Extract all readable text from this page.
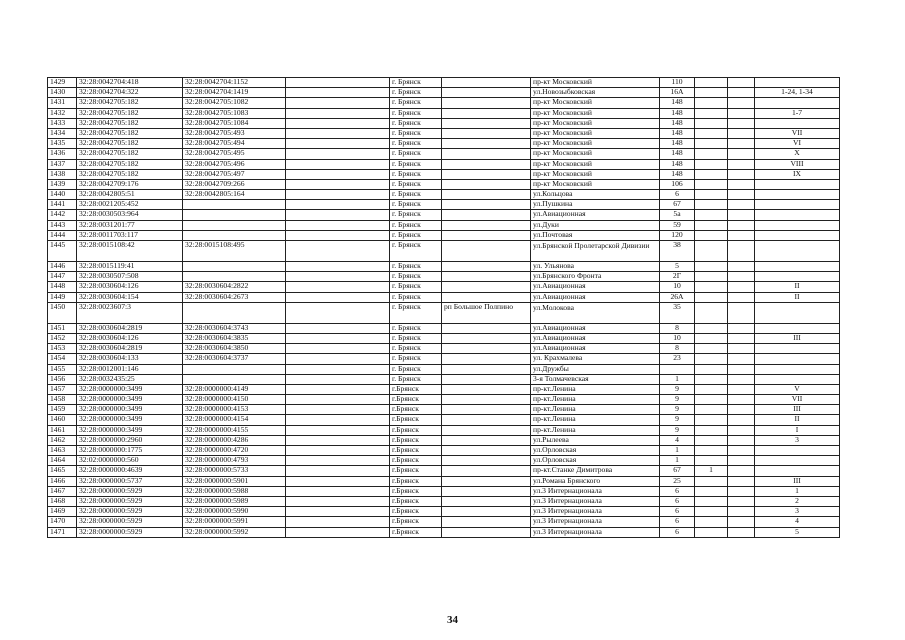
1429	32:28:0042704:418	32:28:0042704:1152		г. Брянск		пр-кт Московский	110			
1430	32:28:0042704:322	32:28:0042704:1419		г. Брянск		ул.Новозыбковская	16А			1-24, 1-34
1431	32:28:0042705:182	32:28:0042705:1082		г. Брянск		пр-кт Московский	148			
1432	32:28:0042705:182	32:28:0042705:1083		г. Брянск		пр-кт Московский	148			1-7
1433	32:28:0042705:182	32:28:0042705:1084		г. Брянск		пр-кт Московский	148			
1434	32:28:0042705:182	32:28:0042705:493		г. Брянск		пр-кт Московский	148			VII
1435	32:28:0042705:182	32:28:0042705:494		г. Брянск		пр-кт Московский	148			VI
1436	32:28:0042705:182	32:28:0042705:495		г. Брянск		пр-кт Московский	148			X
1437	32:28:0042705:182	32:28:0042705:496		г. Брянск		пр-кт Московский	148			VIII
1438	32:28:0042705:182	32:28:0042705:497		г. Брянск		пр-кт Московский	148			IX
1439	32:28:0042709:176	32:28:0042709:266		г. Брянск		пр-кт Московский	106			
1440	32:28:0042805:51	32:28:0042805:164		г. Брянск		ул.Кольцова	6			
1441	32:28:0021205:452			г. Брянск		ул.Пушкина	67			
1442	32:28:0030503:964			г. Брянск		ул.Авиационная	5а			
1443	32:28:0031201:77			г. Брянск		ул.Дуки	59			
1444	32:28:0011703:117			г. Брянск		ул.Почтовая	120			
1445	32:28:0015108:42	32:28:0015108:495		г. Брянск		ул.Брянской Пролетарской Дивизии	38			
1446	32:28:0015119:41			г. Брянск		ул. Ульянова	5			
1447	32:28:0030507:508			г. Брянск		ул.Брянского Фронта	2Г			
1448	32:28:0030604:126	32:28:0030604:2822		г. Брянск		ул.Авиационная	10			II
1449	32:28:0030604:154	32:28:0030604:2673		г. Брянск		ул.Авиационная	26А			II
1450	32:28:0023607:3			г. Брянск	рп Большое Полпино	ул.Молокова	35			
1451	32:28:0030604:2819	32:28:0030604:3743		г. Брянск		ул.Авиационная	8			
1452	32:28:0030604:126	32:28:0030604:3835		г. Брянск		ул.Авиационная	10			III
1453	32:28:0030604:2819	32:28:0030604:3850		г. Брянск		ул.Авиационная	8			
1454	32:28:0030604:133	32:28:0030604:3737		г. Брянск		ул. Крахмалева	23			
1455	32:28:0012001:146			г. Брянск		ул.Дружбы				
1456	32:28:0032435:25			г. Брянск		3-я Толмачевская	1			
1457	32:28:0000000:3499	32:28:0000000:4149		г.Брянск		пр-кт.Ленина	9			V
1458	32:28:0000000:3499	32:28:0000000:4150		г.Брянск		пр-кт.Ленина	9			VII
1459	32:28:0000000:3499	32:28:0000000:4153		г.Брянск		пр-кт.Ленина	9			III
1460	32:28:0000000:3499	32:28:0000000:4154		г.Брянск		пр-кт.Ленина	9			II
1461	32:28:0000000:3499	32:28:0000000:4155		г.Брянск		пр-кт.Ленина	9			I
1462	32:28:0000000:2960	32:28:0000000:4286		г.Брянск		ул.Рылеева	4			3
1463	32:28:0000000:1775	32:28:0000000:4720		г.Брянск		ул.Орловская	1			
1464	32:02:0000000:560	32:28:0000000:4793		г.Брянск		ул.Орловская	1			
1465	32:28:0000000:4639	32:28:0000000:5733		г.Брянск		пр-кт.Станке Димитрова	67	1		
1466	32:28:0000000:5737	32:28:0000000:5901		г.Брянск		ул.Романа Брянского	25			III
1467	32:28:0000000:5929	32:28:0000000:5988		г.Брянск		ул.3 Интернационала	6			1
1468	32:28:0000000:5929	32:28:0000000:5989		г.Брянск		ул.3 Интернационала	6			2
1469	32:28:0000000:5929	32:28:0000000:5990		г.Брянск		ул.3 Интернационала	6			3
1470	32:28:0000000:5929	32:28:0000000:5991		г.Брянск		ул.3 Интернационала	6			4
1471	32:28:0000000:5929	32:28:0000000:5992		г.Брянск		ул.3 Интернационала	6			5
34
